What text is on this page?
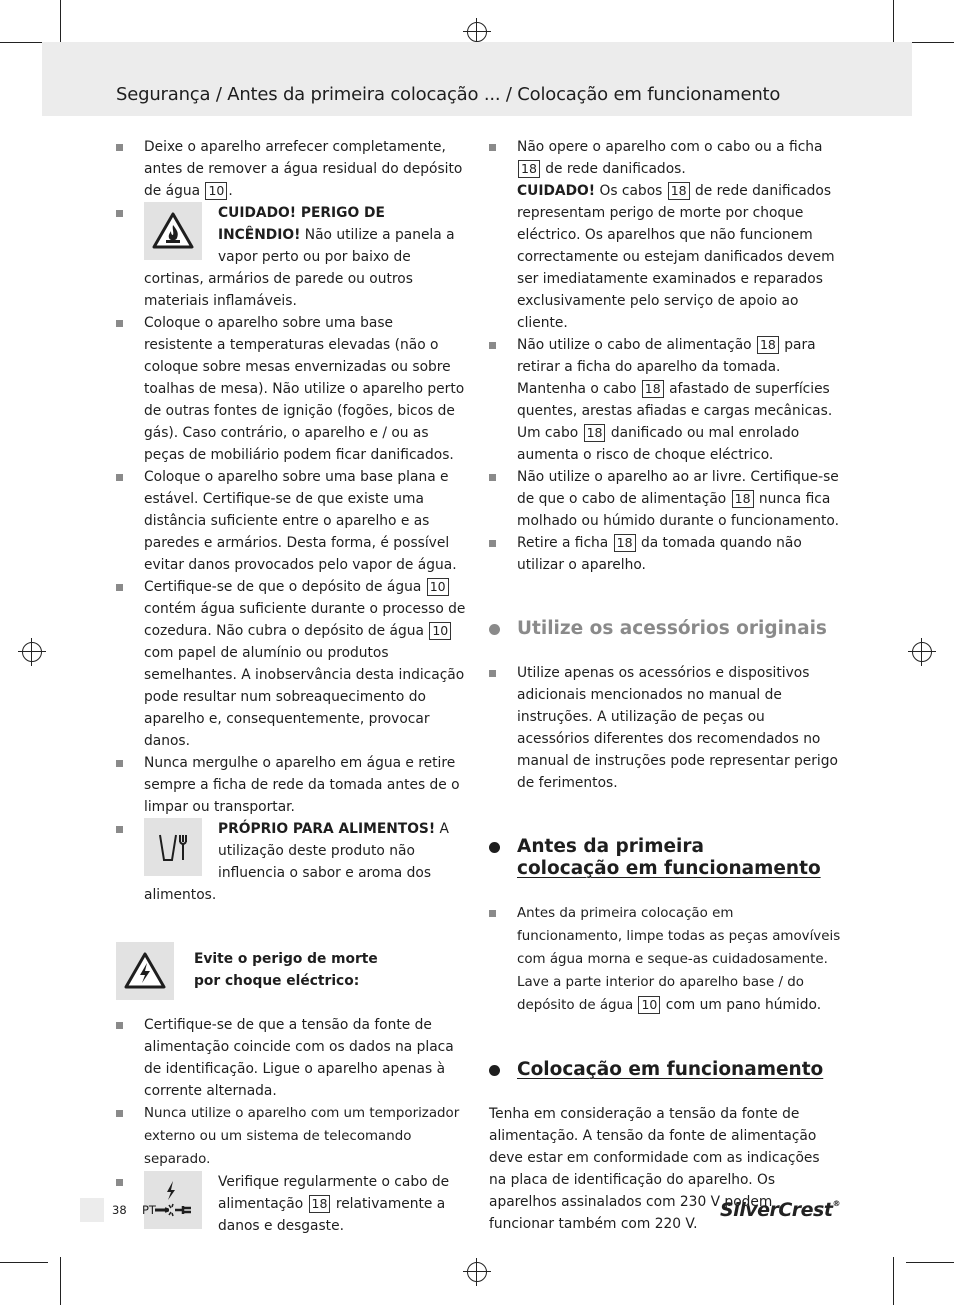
Segurança / Antes da primeira colocação ... / Colocação em funcionamento
Deixe o aparelho arrefecer completamente, antes de remover a água residual do depósito de água 10 .
CUIDADO! PERIGO DE INCÊNDIO! Não utilize a panela a vapor perto ou por baixo de cortinas, armários de parede ou outros materiais inflamáveis.
Coloque o aparelho sobre uma base resistente a temperaturas elevadas (não o coloque sobre mesas envernizadas ou sobre toalhas de mesa). Não utilize o aparelho perto de outras fontes de ignição (fogões, bicos de gás). Caso contrário, o aparelho e / ou as peças de mobiliário podem ficar danificados.
Coloque o aparelho sobre uma base plana e estável. Certifique-se de que existe uma distância suficiente entre o aparelho e as paredes e armários. Desta forma, é possível evitar danos provocados pelo vapor de água.
Certifique-se de que o depósito de água 10 contém água suficiente durante o processo de cozedura. Não cubra o depósito de água 10 com papel de alumínio ou produtos semelhantes. A inobservância desta indicação pode resultar num sobreaquecimento do aparelho e, consequentemente, provocar danos.
Nunca mergulhe o aparelho em água e retire sempre a ficha de rede da tomada antes de o limpar ou transportar.
PRÓPRIO PARA ALIMENTOS! A utilização deste produto não influencia o sabor e aroma dos alimentos.
Evite o perigo de morte
por choque eléctrico:
Certifique-se de que a tensão da fonte de alimentação coincide com os dados na placa de identificação. Ligue o aparelho apenas à corrente alternada.
Nunca utilize o aparelho com um temporizador externo ou um sistema de telecomando separado.
Verifique regularmente o cabo de alimentação 18 relativamente a danos e desgaste.
Não opere o aparelho com o cabo ou a ficha 18 de rede danificados.
CUIDADO! Os cabos 18 de rede danificados representam perigo de morte por choque eléctrico. Os aparelhos que não funcionem correctamente ou estejam danificados devem ser imediatamente examinados e reparados exclusivamente pelo serviço de apoio ao cliente.
Não utilize o cabo de alimentação 18 para retirar a ficha do aparelho da tomada. Mantenha o cabo 18 afastado de superfícies quentes, arestas afiadas e cargas mecânicas. Um cabo 18 danificado ou mal enrolado aumenta o risco de choque eléctrico.
Não utilize o aparelho ao ar livre. Certifique-se de que o cabo de alimentação 18 nunca fica molhado ou húmido durante o funcionamento.
Retire a ficha 18 da tomada quando não utilizar o aparelho.
Utilize os acessórios originais
Utilize apenas os acessórios e dispositivos adicionais mencionados no manual de instruções. A utilização de peças ou acessórios diferentes dos recomendados no manual de instruções pode representar perigo de ferimentos.
Antes da primeira
colocação em funcionamento
Antes da primeira colocação em funcionamento, limpe todas as peças amovíveis com água morna e seque-as cuidadosamente. Lave a parte interior do aparelho base / do depósito de água 10 com um pano húmido.
Colocação em funcionamento
Tenha em consideração a tensão da fonte de alimentação. A tensão da fonte de alimentação deve estar em conformidade com as indicações na placa de identificação do aparelho. Os aparelhos assinalados com 230 V podem funcionar também com 220 V.
38 PT	SilverCrest®
